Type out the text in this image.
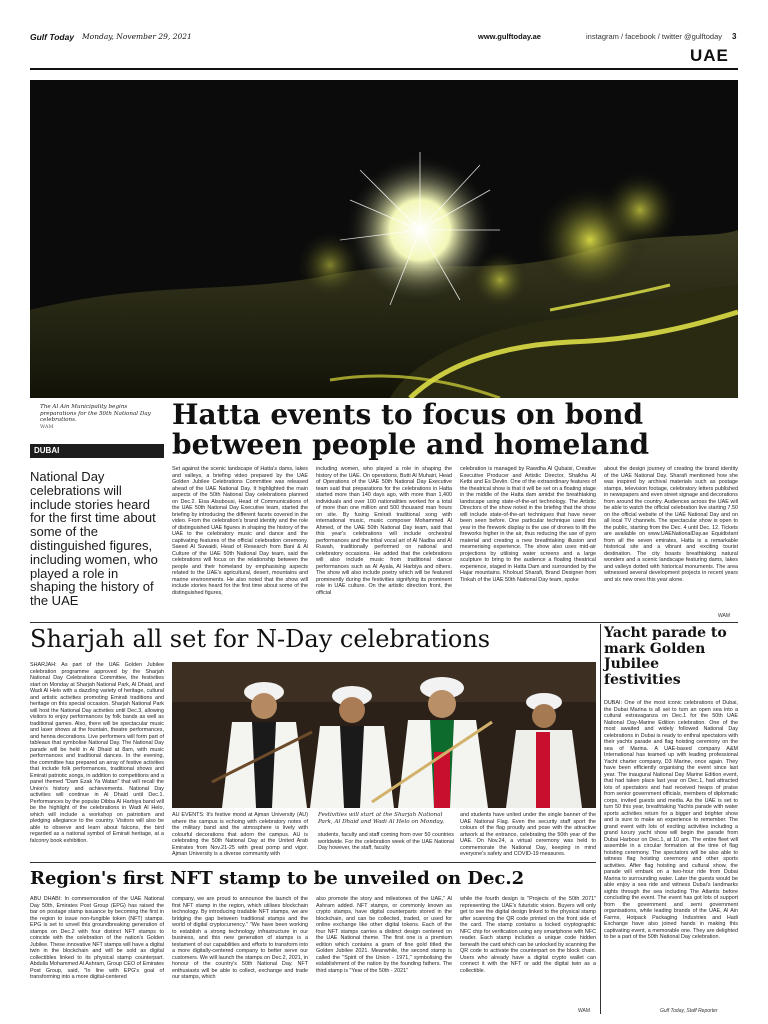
Gulf Today Monday, November 29, 2021	www.gulftoday.ae	instagram / facebook / twitter @gulftoday 3
UAE
The Al Ain Municipality begins preparations for the 50th National Day celebrations.
WAM	Hatta events to focus on bond
between people and homeland
DUBAI
National Day celebrations will include stories heard for the first time about some of the distinguished figures, including women, who played a role in shaping the history of the UAE
Set against the scenic landscape of Hatta's dams, lakes and valleys, a briefing video prepared by the UAE Golden Jubilee Celebrations Committee was released ahead of the UAE National Day. It highlighted the main aspects of the 50th National Day celebrations planned on Dec.2. Eisa Alsubousi, Head of Communications of the UAE 50th National Day Executive team, started the briefing by introducing the different facets covered in the video. From the celebration's brand identity and the role of distinguished UAE figures in shaping the history of the UAE to the celebratory music and dance and the captivating features of the official celebration ceremony. Saeed Al Suwaidi, Head of Research from Bani & Al Culture of the UAE 50th National Day team, said the celebrations will focus on the relationship between the people and their homeland by emphasising aspects related to the UAE's agricultural, desert, mountains and marine environments. He also noted that the show will include stories heard for the first time about some of the distinguished figures,
including women, who played a role in shaping the history of the UAE. On operations, Butti Al Muhairi, Head of Operations of the UAE 50th National Day Executive team said that preparations for the celebrations in Hatta started more than 140 days ago, with more than 1,400 individuals and over 100 nationalities worked for a total of more than one million and 500 thousand man hours on site. By fusing Emirati traditional song with international music, music composer Mohammed Al Ahmed, of the UAE 50th National Day team, said that this year's celebrations will include orchestral performances and the tribal vocal art of Al Nadba and Al Ruwah, traditionally performed on national and celebratory occasions. He added that the celebrations will also include music from traditional dance performances such as Al Ayala, Al Harbiya and others. The show will also include poetry which will be featured prominently during the festivities signifying its prominent role in UAE culture. On the artistic direction front, the official
celebration is managed by Rawdha Al Qubaisi, Creative Executive Producer and Artistic Director, Shaikha Al Ketbi and Es Devlin. One of the extraordinary features of the theatrical show is that it will be set on a floating stage in the middle of the Hatta dam amidst the breathtaking landscape using state-of-the-art technology. The Artistic Directors of the show noted in the briefing that the show will include state-of-the-art techniques that have never been seen before. One particular technique used this year in the firework display is the use of drones to lift the fireworks higher in the air, thus reducing the use of pyro material and creating a new breathtaking illusion and mesmerising experience. The show also uses mid-air projections by utilising water screens and a large sculpture to bring to the audience a floating theatrical experience, staged in Hatta Dam and surrounded by the Hajar mountains. Kholoud Sharafi, Brand Designer from Tinkah of the UAE 50th National Day team, spoke
about the design journey of creating the brand identity of the UAE National Day. Sharafi mentioned how she was inspired by archival materials such as postage stamps, television footage, celebratory letters published in newspapers and even street signage and decorations from around the country. Audiences across the UAE will be able to watch the official celebration live starting 7.50 on the official website of the UAE National Day and on all local TV channels. The spectacular show is open to the public, starting from the Dec. 4 until Dec. 12. Tickets are available on www.UAENationalDay.ae Equidistant from all the seven emirates, Hatta is a remarkable historical site and a vibrant and exciting tourist destination. The city boasts breathtaking natural wonders and a scenic landscape featuring dams, lakes and valleys dotted with historical monuments. The area witnessed several development projects in recent years and six new ones this year alone.
WAM
Sharjah all set for N-Day celebrations
SHARJAH: As part of the UAE Golden Jubilee celebration programme approved by the Sharjah National Day Celebrations Committee, the festivities start on Monday at Sharjah National Park, Al Dhaid, and Wadi Al Helo with a dazzling variety of heritage, cultural and artistic activities promoting Emirati traditions and heritage on this special occasion. Sharjah National Park will host the National Day activities until Dec.3, allowing visitors to enjoy performances by folk bands as well as traditional games. Also, there will be spectacular music and laser shows at the fountain, theatre performances, and henna decorations. Live performers will form part of tableaux that symbolise National Day. The National Day parade will be held in Al Dhaid at 8am, with music performances and traditional dances. In the evening, the committee has prepared an array of festive activities that include folk performances, traditional shows and Emirati patriotic songs, in addition to competitions and a panel themed "Dam Ezak Ya Watan" that will recall the Union's history and achievements. National Day activities will continue in Al Dhaid until Dec.1. Performances by the popular Dibba Al Harbiya band will be the highlight of the celebrations in Wadi Al Helo, which will include a workshop on patriotism and pledging allegiance to the country. Visitors will also be able to observe and learn about falcons, the bird regarded as a national symbol of Emirati heritage, at a falconry book exhibition.
AU EVENTS: It's festive mood at Ajman University (AU) where the campus is echoing with celebratory notes of the military band and the atmosphere is lively with colourful decorations that adorn the campus. AU is celebrating the 50th National Day at the United Arab Emirates from Nov.21-25 with great pomp and vigor. Ajman University is a diverse community with
Festivities will start at the Sharjah National Park, Al Dhaid and Wadi Al Helo on Monday.
students, faculty and staff coming from over 50 countries worldwide. For the celebration week of the UAE National Day however, the staff, faculty
and students have united under the single banner of the UAE National Flag. Even the security staff sport the colours of the flag proudly and pose with the attractive artwork at the entrance, celebrating the 50th year of the UAE. On Nov.24, a virtual ceremony was held to commemorate the National Day, keeping in mind everyone's safety and COVID-19 measures.
Yacht parade to mark Golden Jubilee festivities
DUBAI: One of the most iconic celebrations of Dubai, the Dubai Marina is all set to turn an open sea into a cultural extravaganza on Dec.1 for the 50th UAE National Day-Marine Edition celebration. One of the most awaited and widely followed National Day celebrations in Dubai is ready to enthral spectators with their yachts parade and flag hoisting ceremony on the sea of Marina. A UAE-based company A&M International has teamed up with leading professional Yacht charter company, D3 Marine, once again. They have been efficiently organising the event since last year. The inaugural National Day Marine Edition event, that had taken place last year on Dec.1, had attracted lots of spectators and had received heaps of praise from senior government officials, members of diplomatic corps, invited guests and media. As the UAE is set to turn 50 this year, breathtaking Yachts parade with water sports activities return for a bigger and brighter show and is sure to make an experience to remember. The grand event with lots of exciting activities including a grand luxury yacht show will begin the parade from Dubai Harbour on Dec.1, at 10 am. The entire fleet will assemble in a circular formation at the time of flag hoisting ceremony. The spectators will be also able to witness flag hoisting ceremony and other sports activities. After flag hoisting and cultural show, the parade will embark on a two-hour ride from Dubai Marina to surrounding water. Later the guests would be able enjoy a sea ride and witness Dubai's landmarks sights through the sea including The Atlantis before concluding the event. The event has got lots of support from the government and semi government organisations, while leading brands of the UAE, Al Ain Farms, Hotpack Packaging Industries and Hadi Exchange have also joined hands in making this captivating event, a memorable one. They are delighted to be a part of the 50th National Day celebration.
Gulf Today, Staff Reporter
Region's first NFT stamp to be unveiled on Dec.2
ABU DHABI: In commemoration of the UAE National Day 50th, Emirates Post Group (EPG) has raised the bar on postage stamp issuance by becoming the first in the region to issue non-fungible token (NFT) stamps. EPG is set to unveil this groundbreaking generation of stamps on Dec.2 with four distinct NFT stamps to coincide with the celebration of the nation's Golden Jubilee. These innovative NFT stamps will have a digital twin in the blockchain and will be sold as digital collectibles linked to its physical stamp counterpart. Abdulla Mohammed Al Ashram, Group CEO of Emirates Post Group, said, "In line with EPG's goal of transforming into a more digital-centered
company, we are proud to announce the launch of the first NFT stamp in the region, which utilises blockchain technology. By introducing tradable NFT stamps, we are bridging the gap between traditional stamps and the world of digital cryptocurrency." "We have been working to establish a strong technology infrastructure in our business, and this new generation of stamps is a testament of our capabilities and efforts to transform into a more digitally-centered company to better serve our customers. We will launch the stamps on Dec.2, 2021, in honour of the country's 50th National Day. NFT enthusiasts will be able to collect, exchange and trade our stamps, which
also promote the story and milestones of the UAE," Al Ashram added. NFT stamps, or commonly known as crypto stamps, have digital counterparts stored in the blockchain, and can be collected, traded, or used for online exchange like other digital tokens. Each of the four NFT stamps carries a distinct design centered on the UAE National theme. The first one is a premium edition which contains a gram of fine gold titled the Golden Jubilee 2021. Meanwhile, the second stamp is called the "Spirit of the Union - 1971," symbolising the establishment of the nation by the founding fathers. The third stamp is "Year of the 50th - 2021"
while the fourth design is "Projects of the 50th 2071" representing the UAE's futuristic vision. Buyers will only get to see the digital design linked to the physical stamp after scanning the QR code printed on the front side of the card. The stamp contains a locked cryptographic NFC chip for verification using any smartphone with NFC reader. Each stamp includes a unique code hidden beneath the card which can be unlocked by scanning the QR code to activate the counterpart on the block chain. Users who already have a digital crypto wallet can connect it with the NFT or add the digital twin as a collectible.
WAM
